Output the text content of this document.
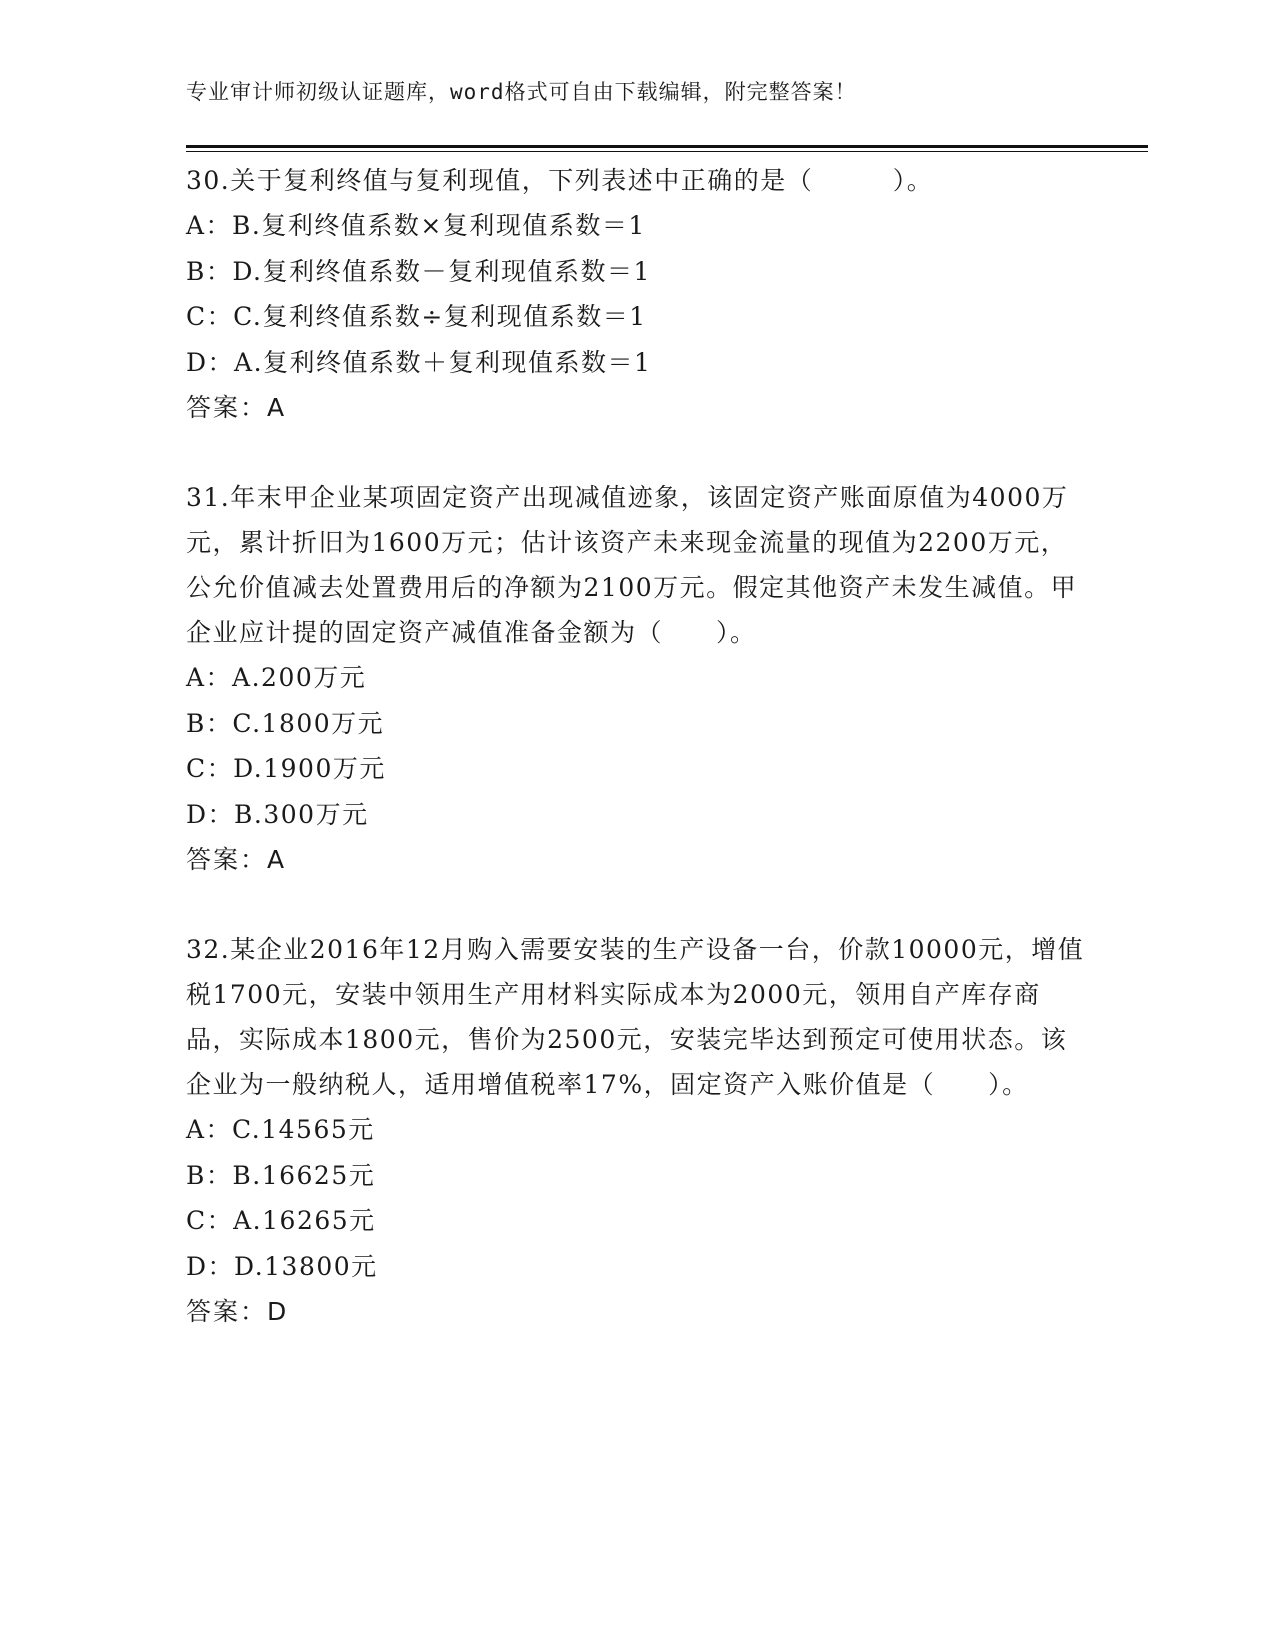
专业审计师初级认证题库，word格式可自由下载编辑，附完整答案！

30.关于复利终值与复利现值，下列表述中正确的是（　　　）。

A：B.复利终值系数×复利现值系数＝1

B：D.复利终值系数－复利现值系数＝1

C：C.复利终值系数÷复利现值系数＝1

D：A.复利终值系数＋复利现值系数＝1

答案：A

31.年末甲企业某项固定资产出现减值迹象，该固定资产账面原值为4000万元，累计折旧为1600万元；估计该资产未来现金流量的现值为2200万元，公允价值减去处置费用后的净额为2100万元。假定其他资产未发生减值。甲企业应计提的固定资产减值准备金额为（　　）。

A：A.200万元

B：C.1800万元

C：D.1900万元

D：B.300万元

答案：A

32.某企业2016年12月购入需要安装的生产设备一台，价款10000元，增值税1700元，安装中领用生产用材料实际成本为2000元，领用自产库存商品，实际成本1800元，售价为2500元，安装完毕达到预定可使用状态。该企业为一般纳税人，适用增值税率17%，固定资产入账价值是（　　）。

A：C.14565元

B：B.16625元

C：A.16265元

D：D.13800元

答案：D
